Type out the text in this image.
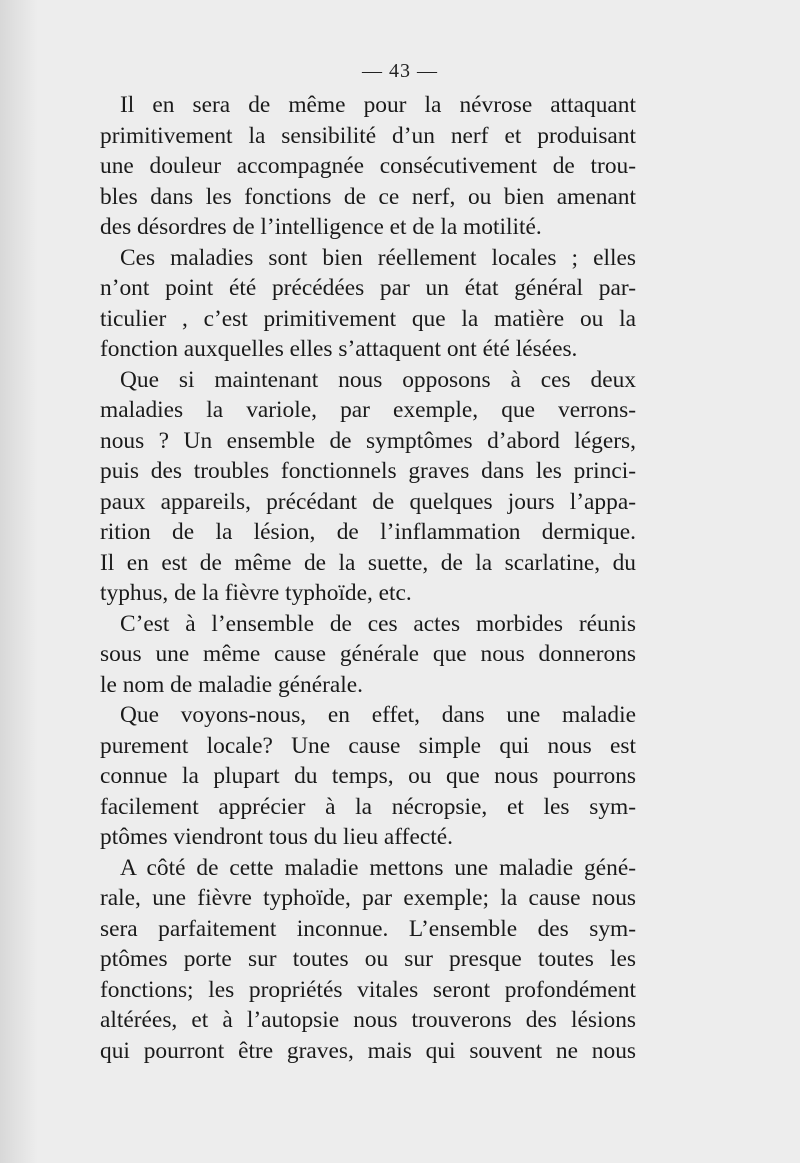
— 43 —
Il en sera de même pour la névrose attaquant
primitivement la sensibilité d’un nerf et produisant
une douleur accompagnée consécutivement de trou-
bles dans les fonctions de ce nerf, ou bien amenant
des désordres de l’intelligence et de la motilité.
Ces maladies sont bien réellement locales ; elles
n’ont point été précédées par un état général par-
ticulier , c’est primitivement que la matière ou la
fonction auxquelles elles s’attaquent ont été lésées.
Que si maintenant nous opposons à ces deux
maladies la variole, par exemple, que verrons-
nous ? Un ensemble de symptômes d’abord légers,
puis des troubles fonctionnels graves dans les princi-
paux appareils, précédant de quelques jours l’appa-
rition de la lésion, de l’inflammation dermique.
Il en est de même de la suette, de la scarlatine, du
typhus, de la fièvre typhoïde, etc.
C’est à l’ensemble de ces actes morbides réunis
sous une même cause générale que nous donnerons
le nom de maladie générale.
Que voyons-nous, en effet, dans une maladie
purement locale? Une cause simple qui nous est
connue la plupart du temps, ou que nous pourrons
facilement apprécier à la nécropsie, et les sym-
ptômes viendront tous du lieu affecté.
A côté de cette maladie mettons une maladie géné-
rale, une fièvre typhoïde, par exemple; la cause nous
sera parfaitement inconnue. L’ensemble des sym-
ptômes porte sur toutes ou sur presque toutes les
fonctions; les propriétés vitales seront profondément
altérées, et à l’autopsie nous trouverons des lésions
qui pourront être graves, mais qui souvent ne nous
